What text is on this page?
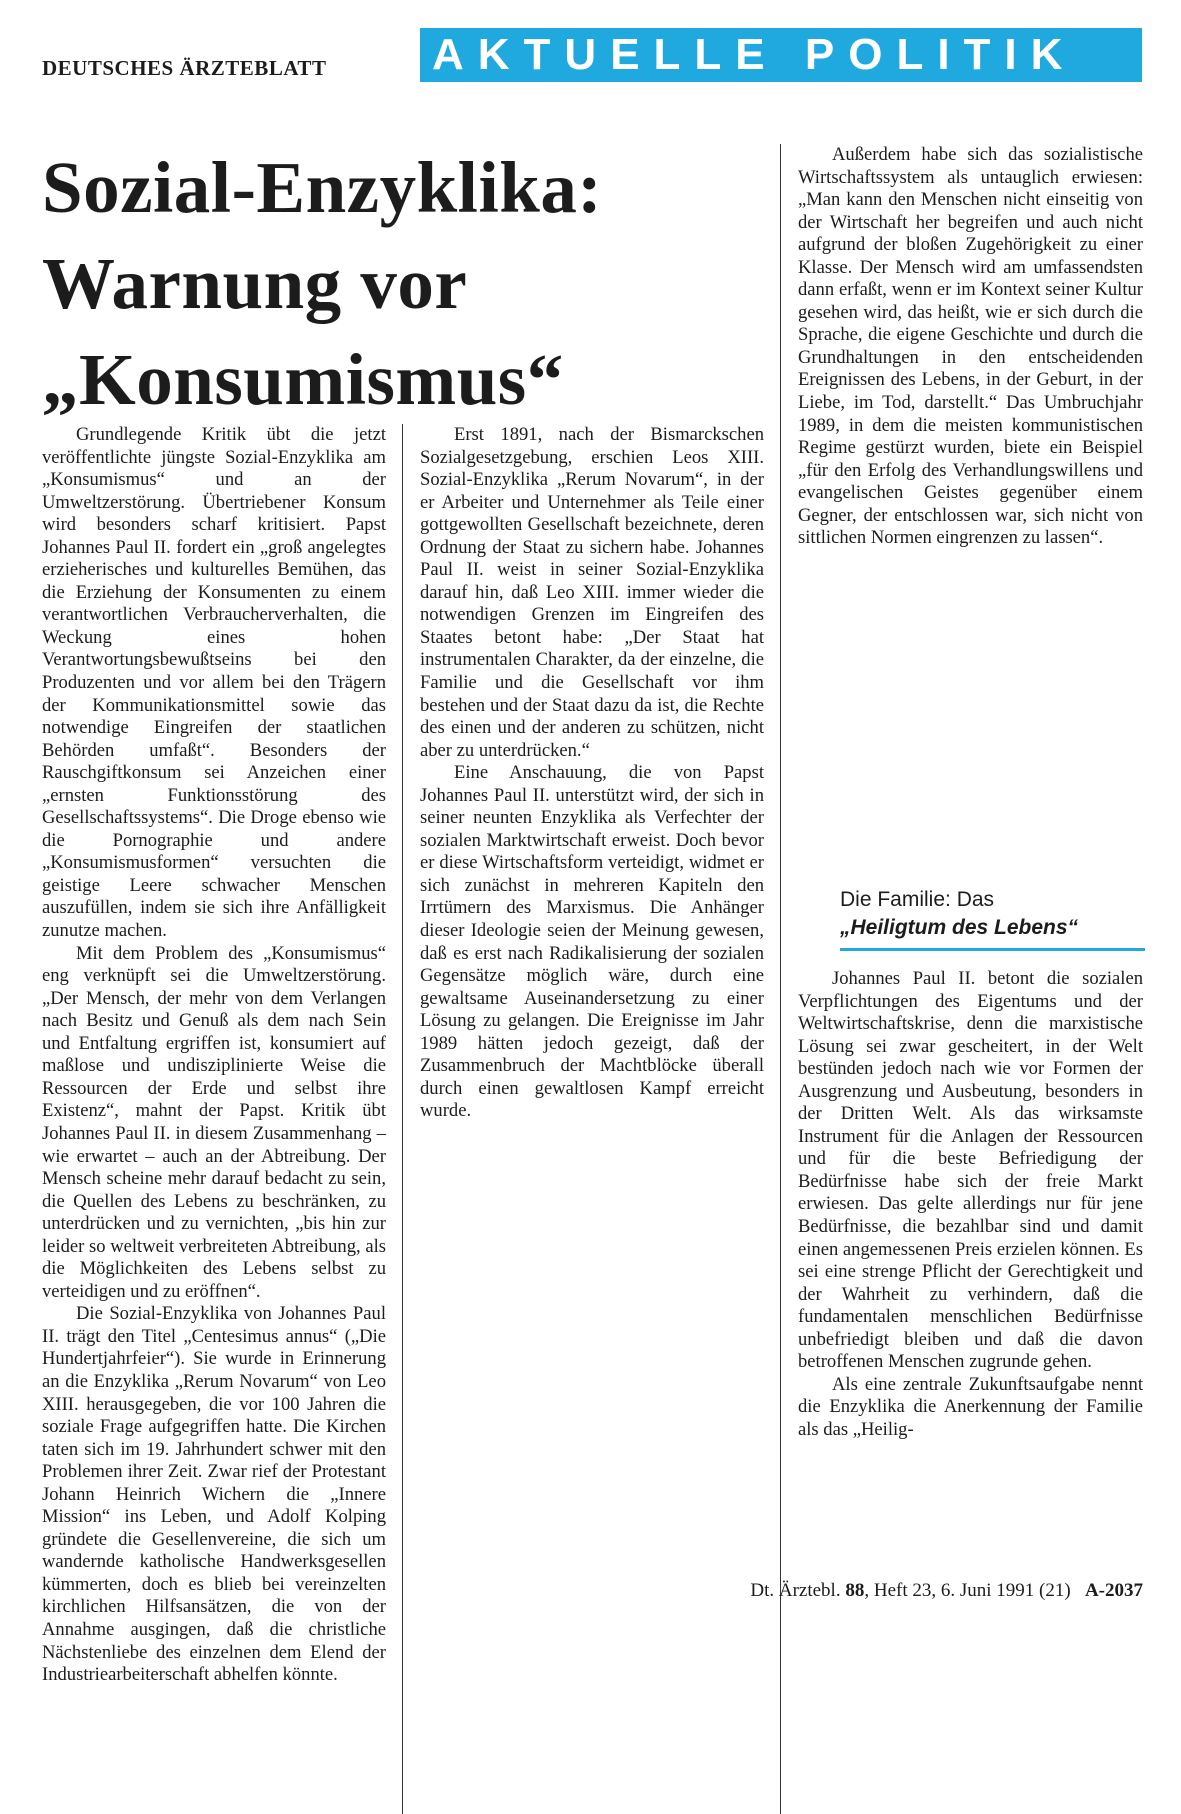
DEUTSCHES ÄRZTEBLATT AKTUELLE POLITIK
Sozial-Enzyklika:
Warnung vor
„Konsumismus“

Grundlegende Kritik übt die jetzt veröffentlichte jüngste Sozial-Enzyklika am „Konsumismus“ und an der Umweltzerstörung. Übertriebener Konsum wird besonders scharf kritisiert. Papst Johannes Paul II. fordert ein „groß angelegtes erzieherisches und kulturelles Bemühen, das die Erziehung der Konsumenten zu einem verantwortlichen Verbraucherverhalten, die Weckung eines hohen Verantwortungsbewußtseins bei den Produzenten und vor allem bei den Trägern der Kommunikationsmittel sowie das notwendige Eingreifen der staatlichen Behörden umfaßt“. Besonders der Rauschgiftkonsum sei Anzeichen einer „ernsten Funktionsstörung des Gesellschaftssystems“. Die Droge ebenso wie die Pornographie und andere „Konsumismusformen“ versuchten die geistige Leere schwacher Menschen auszufüllen, indem sie sich ihre Anfälligkeit zunutze machen.

Mit dem Problem des „Konsumismus“ eng verknüpft sei die Umweltzerstörung. „Der Mensch, der mehr von dem Verlangen nach Besitz und Genuß als dem nach Sein und Entfaltung ergriffen ist, konsumiert auf maßlose und undisziplinierte Weise die Ressourcen der Erde und selbst ihre Existenz“, mahnt der Papst. Kritik übt Johannes Paul II. in diesem Zusammenhang – wie erwartet – auch an der Abtreibung. Der Mensch scheine mehr darauf bedacht zu sein, die Quellen des Lebens zu beschränken, zu unterdrücken und zu vernichten, „bis hin zur leider so weltweit verbreiteten Abtreibung, als die Möglichkeiten des Lebens selbst zu verteidigen und zu eröffnen“.

Die Sozial-Enzyklika von Johannes Paul II. trägt den Titel „Centesimus annus“ („Die Hundertjahrfeier“). Sie wurde in Erinnerung an die Enzyklika „Rerum Novarum“ von Leo XIII. herausgegeben, die vor 100 Jahren die soziale Frage aufgegriffen hatte. Die Kirchen taten sich im 19. Jahrhundert schwer mit den Problemen ihrer Zeit. Zwar rief der Protestant Johann Heinrich Wichern die „Innere Mission“ ins Leben, und Adolf Kolping gründete die Gesellenvereine, die sich um wandernde katholische Handwerksgesellen kümmerten, doch es blieb bei vereinzelten kirchlichen Hilfsansätzen, die von der Annahme ausgingen, daß die christliche Nächstenliebe des einzelnen dem Elend der Industriearbeiterschaft abhelfen könnte.

Erst 1891, nach der Bismarckschen Sozialgesetzgebung, erschien Leos XIII. Sozial-Enzyklika „Rerum Novarum“, in der er Arbeiter und Unternehmer als Teile einer gottgewollten Gesellschaft bezeichnete, deren Ordnung der Staat zu sichern habe. Johannes Paul II. weist in seiner Sozial-Enzyklika darauf hin, daß Leo XIII. immer wieder die notwendigen Grenzen im Eingreifen des Staates betont habe: „Der Staat hat instrumentalen Charakter, da der einzelne, die Familie und die Gesellschaft vor ihm bestehen und der Staat dazu da ist, die Rechte des einen und der anderen zu schützen, nicht aber zu unterdrücken.“

Eine Anschauung, die von Papst Johannes Paul II. unterstützt wird, der sich in seiner neunten Enzyklika als Verfechter der sozialen Marktwirtschaft erweist. Doch bevor er diese Wirtschaftsform verteidigt, widmet er sich zunächst in mehreren Kapiteln den Irrtümern des Marxismus. Die Anhänger dieser Ideologie seien der Meinung gewesen, daß es erst nach Radikalisierung der sozialen Gegensätze möglich wäre, durch eine gewaltsame Auseinandersetzung zu einer Lösung zu gelangen. Die Ereignisse im Jahr 1989 hätten jedoch gezeigt, daß der Zusammenbruch der Machtblöcke überall durch einen gewaltlosen Kampf erreicht wurde.

Außerdem habe sich das sozialistische Wirtschaftssystem als untauglich erwiesen: „Man kann den Menschen nicht einseitig von der Wirtschaft her begreifen und auch nicht aufgrund der bloßen Zugehörigkeit zu einer Klasse. Der Mensch wird am umfassendsten dann erfaßt, wenn er im Kontext seiner Kultur gesehen wird, das heißt, wie er sich durch die Sprache, die eigene Geschichte und durch die Grundhaltungen in den entscheidenden Ereignissen des Lebens, in der Geburt, in der Liebe, im Tod, darstellt.“ Das Umbruchjahr 1989, in dem die meisten kommunistischen Regime gestürzt wurden, biete ein Beispiel „für den Erfolg des Verhandlungswillens und evangelischen Geistes gegenüber einem Gegner, der entschlossen war, sich nicht von sittlichen Normen eingrenzen zu lassen“.

Die Familie: Das
„Heiligtum des Lebens“

Johannes Paul II. betont die sozialen Verpflichtungen des Eigentums und der Weltwirtschaftskrise, denn die marxistische Lösung sei zwar gescheitert, in der Welt bestünden jedoch nach wie vor Formen der Ausgrenzung und Ausbeutung, besonders in der Dritten Welt. Als das wirksamste Instrument für die Anlagen der Ressourcen und für die beste Befriedigung der Bedürfnisse habe sich der freie Markt erwiesen. Das gelte allerdings nur für jene Bedürfnisse, die bezahlbar sind und damit einen angemessenen Preis erzielen können. Es sei eine strenge Pflicht der Gerechtigkeit und der Wahrheit zu verhindern, daß die fundamentalen menschlichen Bedürfnisse unbefriedigt bleiben und daß die davon betroffenen Menschen zugrunde gehen.

Als eine zentrale Zukunftsaufgabe nennt die Enzyklika die Anerkennung der Familie als das „Heilig-

Dt. Ärztebl. 88, Heft 23, 6. Juni 1991 (21) A-2037
